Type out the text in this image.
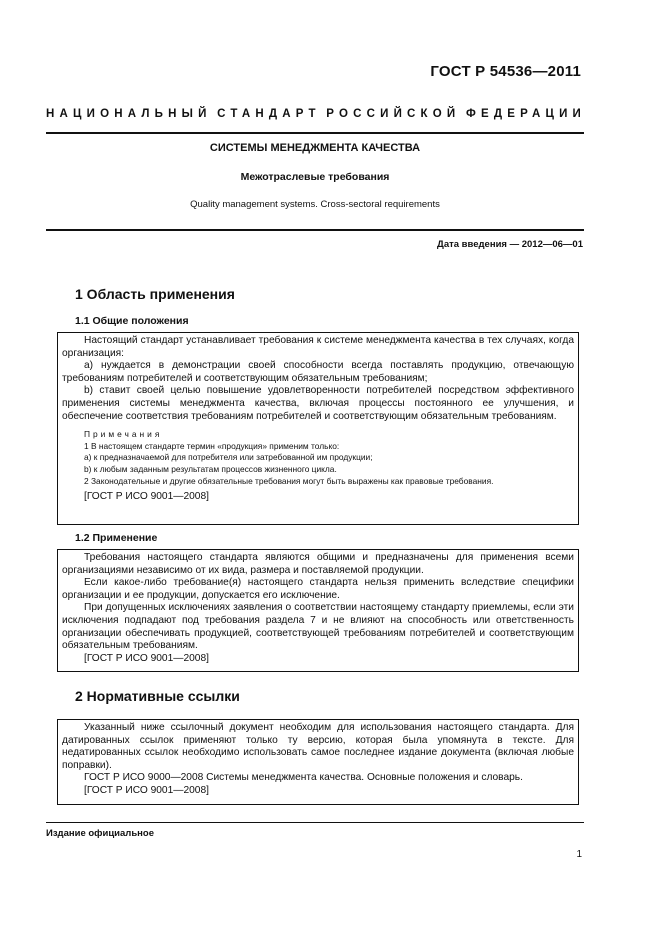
ГОСТ Р 54536—2011
НАЦИОНАЛЬНЫЙ СТАНДАРТ РОССИЙСКОЙ ФЕДЕРАЦИИ
СИСТЕМЫ МЕНЕДЖМЕНТА КАЧЕСТВА
Межотраслевые требования
Quality management systems. Cross-sectoral requirements
Дата введения — 2012—06—01
1 Область применения
1.1 Общие положения

Настоящий стандарт устанавливает требования к системе менеджмента качества в тех случаях, когда организация:

a) нуждается в демонстрации своей способности всегда поставлять продукцию, отвечающую требованиям потребителей и соответствующим обязательным требованиям;

b) ставит своей целью повышение удовлетворенности потребителей посредством эффективного применения системы менеджмента качества, включая процессы постоянного ее улучшения, и обеспечение соответствия требованиям потребителей и соответствующим обязательным требованиям.

Примечания
1 В настоящем стандарте термин «продукция» применим только:
a) к предназначаемой для потребителя или затребованной им продукции;
b) к любым заданным результатам процессов жизненного цикла.
2 Законодательные и другие обязательные требования могут быть выражены как правовые требования.

[ГОСТ Р ИСО 9001—2008]

1.2 Применение

Требования настоящего стандарта являются общими и предназначены для применения всеми организациями независимо от их вида, размера и поставляемой продукции.

Если какое-либо требование(я) настоящего стандарта нельзя применить вследствие специфики организации и ее продукции, допускается его исключение.

При допущенных исключениях заявления о соответствии настоящему стандарту приемлемы, если эти исключения подпадают под требования раздела 7 и не влияют на способность или ответственность организации обеспечивать продукцией, соответствующей требованиям потребителей и соответствующим обязательным требованиям.

[ГОСТ Р ИСО 9001—2008]

2 Нормативные ссылки

Указанный ниже ссылочный документ необходим для использования настоящего стандарта. Для датированных ссылок применяют только ту версию, которая была упомянута в тексте. Для недатированных ссылок необходимо использовать самое последнее издание документа (включая любые поправки).

ГОСТ Р ИСО 9000—2008 Системы менеджмента качества. Основные положения и словарь.

[ГОСТ Р ИСО 9001—2008]

Издание официальное
1
